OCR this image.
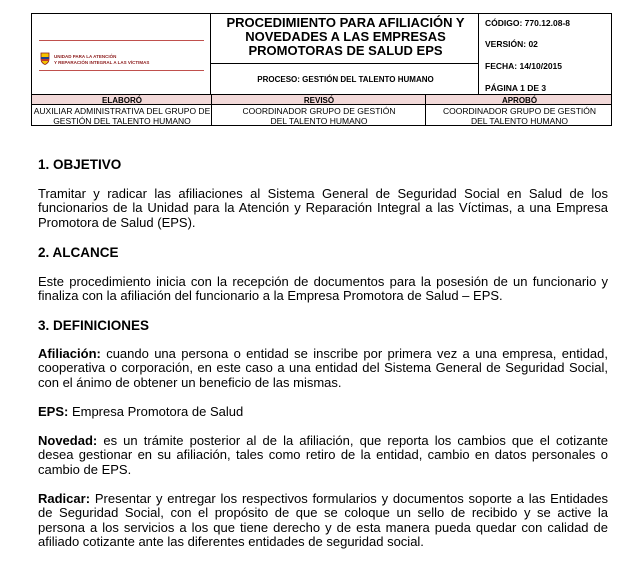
UNIDAD PARA LA ATENCIÓN
Y REPARACIÓN INTEGRAL A LAS VÍCTIMAS
PROCEDIMIENTO PARA AFILIACIÓN Y
NOVEDADES A LAS EMPRESAS
PROMOTORAS DE SALUD EPS
PROCESO: GESTIÓN DEL TALENTO HUMANO
CÓDIGO: 770.12.08-8
VERSIÓN: 02
FECHA: 14/10/2015
PÁGINA 1 DE 3
ELABORÓ	REVISÓ	APROBÓ
AUXILIAR ADMINISTRATIVA DEL GRUPO DE
GESTIÓN DEL TALENTO HUMANO
COORDINADOR GRUPO DE GESTIÓN
DEL TALENTO HUMANO
COORDINADOR GRUPO DE GESTIÓN
DEL TALENTO HUMANO
1. OBJETIVO

Tramitar y radicar las afiliaciones al Sistema General de Seguridad Social en Salud de los funcionarios de la Unidad para la Atención y Reparación Integral a las Víctimas, a una Empresa Promotora de Salud (EPS).

2. ALCANCE

Este procedimiento inicia con la recepción de documentos para la posesión de un funcionario y finaliza con la afiliación del funcionario a la Empresa Promotora de Salud – EPS.

3. DEFINICIONES

Afiliación: cuando una persona o entidad se inscribe por primera vez a una empresa, entidad, cooperativa o corporación, en este caso a una entidad del Sistema General de Seguridad Social, con el ánimo de obtener un beneficio de las mismas.

EPS: Empresa Promotora de Salud

Novedad: es un trámite posterior al de la afiliación, que reporta los cambios que el cotizante desea gestionar en su afiliación, tales como retiro de la entidad, cambio en datos personales o cambio de EPS.

Radicar: Presentar y entregar los respectivos formularios y documentos soporte a las Entidades de Seguridad Social, con el propósito de que se coloque un sello de recibido y se active la persona a los servicios a los que tiene derecho y de esta manera pueda quedar con calidad de afiliado cotizante ante las diferentes entidades de seguridad social.
